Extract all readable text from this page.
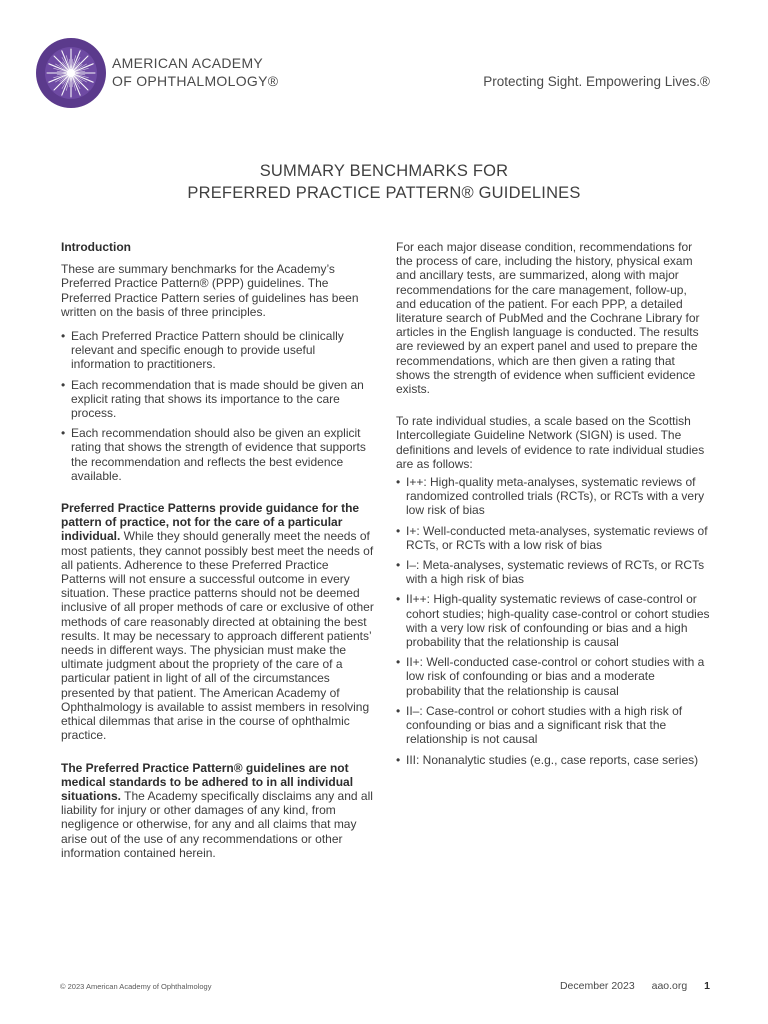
AMERICAN ACADEMY
OF OPHTHALMOLOGY®	Protecting Sight. Empowering Lives.®
SUMMARY BENCHMARKS FOR
PREFERRED PRACTICE PATTERN® GUIDELINES
Introduction

These are summary benchmarks for the Academy’s Preferred Practice Pattern® (PPP) guidelines. The Preferred Practice Pattern series of guidelines has been written on the basis of three principles.

• Each Preferred Practice Pattern should be clinically relevant and specific enough to provide useful information to practitioners.
• Each recommendation that is made should be given an explicit rating that shows its importance to the care process.
• Each recommendation should also be given an explicit rating that shows the strength of evidence that supports the recommendation and reflects the best evidence available.

Preferred Practice Patterns provide guidance for the pattern of practice, not for the care of a particular individual. While they should generally meet the needs of most patients, they cannot possibly best meet the needs of all patients. Adherence to these Preferred Practice Patterns will not ensure a successful outcome in every situation. These practice patterns should not be deemed inclusive of all proper methods of care or exclusive of other methods of care reasonably directed at obtaining the best results. It may be necessary to approach different patients’ needs in different ways. The physician must make the ultimate judgment about the propriety of the care of a particular patient in light of all of the circumstances presented by that patient. The American Academy of Ophthalmology is available to assist members in resolving ethical dilemmas that arise in the course of ophthalmic practice.

The Preferred Practice Pattern® guidelines are not medical standards to be adhered to in all individual situations. The Academy specifically disclaims any and all liability for injury or other damages of any kind, from negligence or otherwise, for any and all claims that may arise out of the use of any recommendations or other information contained herein.

For each major disease condition, recommendations for the process of care, including the history, physical exam and ancillary tests, are summarized, along with major recommendations for the care management, follow-up, and education of the patient. For each PPP, a detailed literature search of PubMed and the Cochrane Library for articles in the English language is conducted. The results are reviewed by an expert panel and used to prepare the recommendations, which are then given a rating that shows the strength of evidence when sufficient evidence exists.

To rate individual studies, a scale based on the Scottish Intercollegiate Guideline Network (SIGN) is used. The definitions and levels of evidence to rate individual studies are as follows:

• I++: High-quality meta-analyses, systematic reviews of randomized controlled trials (RCTs), or RCTs with a very low risk of bias
• I+: Well-conducted meta-analyses, systematic reviews of RCTs, or RCTs with a low risk of bias
• I–: Meta-analyses, systematic reviews of RCTs, or RCTs with a high risk of bias
• II++: High-quality systematic reviews of case-control or cohort studies; high-quality case-control or cohort studies with a very low risk of confounding or bias and a high probability that the relationship is causal
• II+: Well-conducted case-control or cohort studies with a low risk of confounding or bias and a moderate probability that the relationship is causal
• II–: Case-control or cohort studies with a high risk of confounding or bias and a significant risk that the relationship is not causal
• III: Nonanalytic studies (e.g., case reports, case series)
© 2023 American Academy of Ophthalmology	December 2023 aao.org 1
